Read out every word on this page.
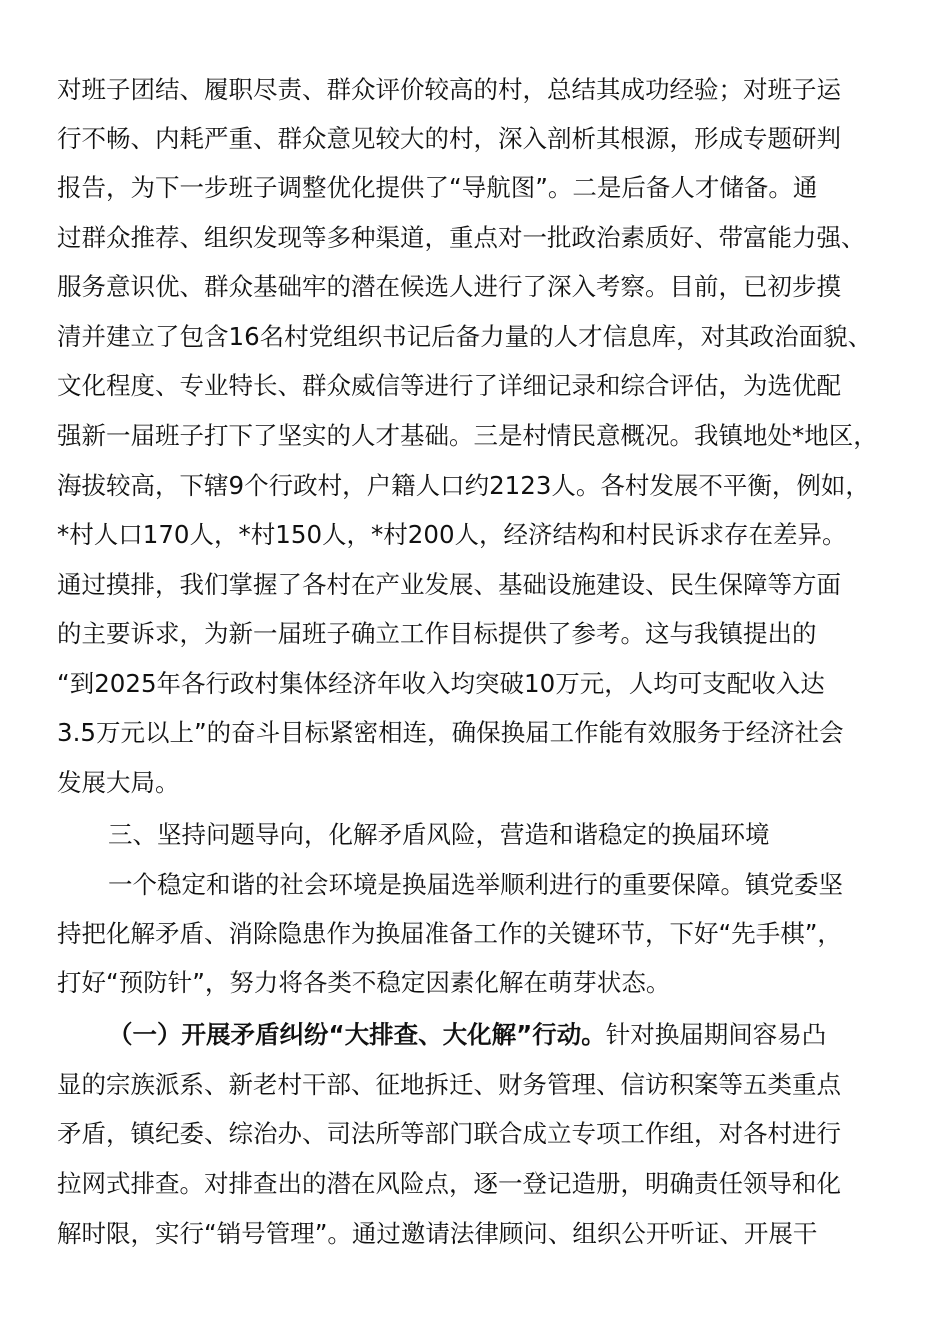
对班子团结、履职尽责、群众评价较高的村，总结其成功经验；对班子运
行不畅、内耗严重、群众意见较大的村，深入剖析其根源，形成专题研判
报告，为下一步班子调整优化提供了“导航图”。二是后备人才储备。通
过群众推荐、组织发现等多种渠道，重点对一批政治素质好、带富能力强、
服务意识优、群众基础牢的潜在候选人进行了深入考察。目前，已初步摸
清并建立了包含16名村党组织书记后备力量的人才信息库，对其政治面貌、
文化程度、专业特长、群众威信等进行了详细记录和综合评估，为选优配
强新一届班子打下了坚实的人才基础。三是村情民意概况。我镇地处*地区，
海拔较高，下辖9个行政村，户籍人口约2123人。各村发展不平衡，例如，
*村人口170人，*村150人，*村200人，经济结构和村民诉求存在差异。
通过摸排，我们掌握了各村在产业发展、基础设施建设、民生保障等方面
的主要诉求，为新一届班子确立工作目标提供了参考。这与我镇提出的
“到2025年各行政村集体经济年收入均突破10万元，人均可支配收入达
3.5万元以上”的奋斗目标紧密相连，确保换届工作能有效服务于经济社会
发展大局。
三、坚持问题导向，化解矛盾风险，营造和谐稳定的换届环境
一个稳定和谐的社会环境是换届选举顺利进行的重要保障。镇党委坚
持把化解矛盾、消除隐患作为换届准备工作的关键环节，下好“先手棋”，
打好“预防针”，努力将各类不稳定因素化解在萌芽状态。
（一）开展矛盾纠纷“大排查、大化解”行动。针对换届期间容易凸
显的宗族派系、新老村干部、征地拆迁、财务管理、信访积案等五类重点
矛盾，镇纪委、综治办、司法所等部门联合成立专项工作组，对各村进行
拉网式排查。对排查出的潜在风险点，逐一登记造册，明确责任领导和化
解时限，实行“销号管理”。通过邀请法律顾问、组织公开听证、开展干
